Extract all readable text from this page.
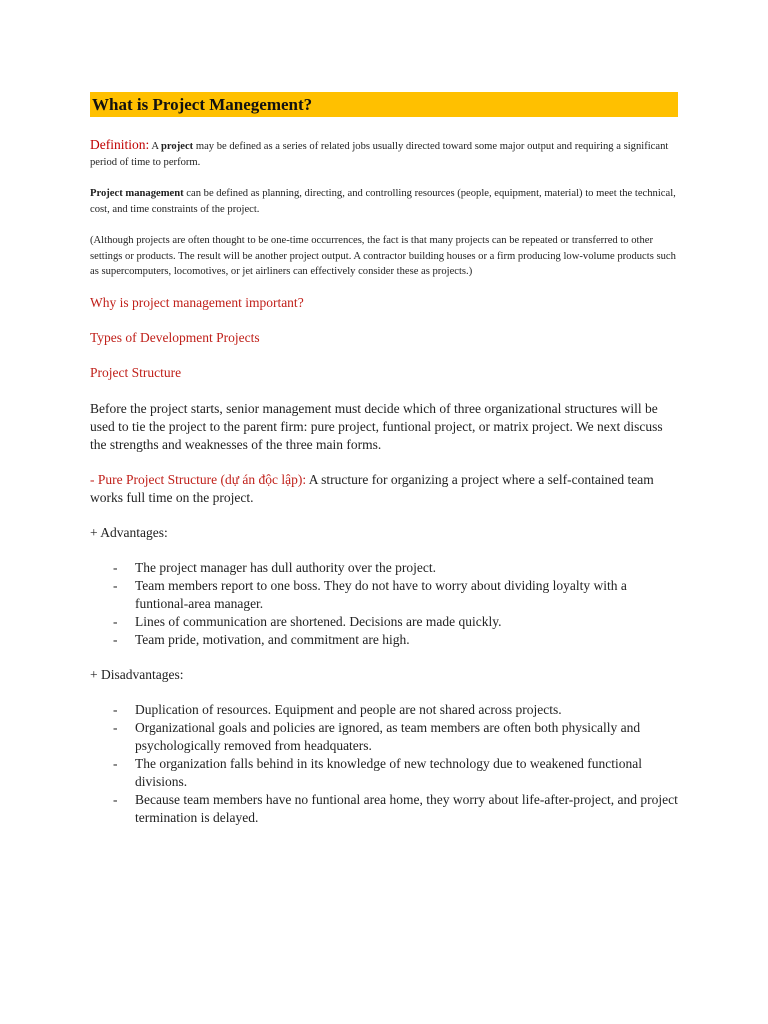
What is Project Manegement?
Definition: A project may be defined as a series of related jobs usually directed toward some major output and requiring a significant period of time to perform.
Project management can be defined as planning, directing, and controlling resources (people, equipment, material) to meet the technical, cost, and time constraints of the project.
(Although projects are often thought to be one-time occurrences, the fact is that many projects can be repeated or transferred to other settings or products. The result will be another project output. A contractor building houses or a firm producing low-volume products such as supercomputers, locomotives, or jet airliners can effectively consider these as projects.)
Why is project management important?
Types of Development Projects
Project Structure
Before the project starts, senior management must decide which of three organizational structures will be used to tie the project to the parent firm: pure project, funtional project, or matrix project. We next discuss the strengths and weaknesses of the three main forms.
- Pure Project Structure (dự án độc lập): A structure for organizing a project where a self-contained team works full time on the project.
+ Advantages:
- The project manager has dull authority over the project.
- Team members report to one boss. They do not have to worry about dividing loyalty with a funtional-area manager.
- Lines of communication are shortened. Decisions are made quickly.
- Team pride, motivation, and commitment are high.
+ Disadvantages:
- Duplication of resources. Equipment and people are not shared across projects.
- Organizational goals and policies are ignored, as team members are often both physically and psychologically removed from headquaters.
- The organization falls behind in its knowledge of new technology due to weakened functional divisions.
- Because team members have no funtional area home, they worry about life-after-project, and project termination is delayed.
